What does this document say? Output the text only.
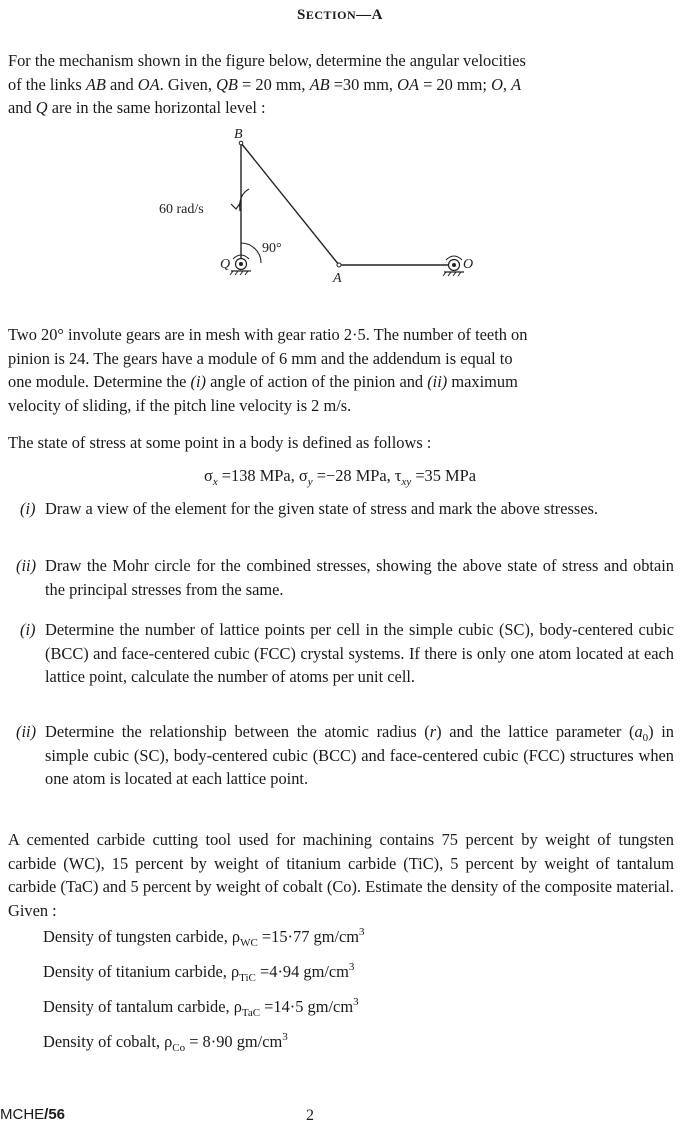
SECTION—A

For the mechanism shown in the figure below, determine the angular velocities
of the links AB and OA. Given, QB = 20 mm, AB =30 mm, OA = 20 mm; O, A
and Q are in the same horizontal level :

B
Q
A
O
60 rad/s
90°

Two 20° involute gears are in mesh with gear ratio 2·5. The number of teeth on
pinion is 24. The gears have a module of 6 mm and the addendum is equal to
one module. Determine the (i) angle of action of the pinion and (ii) maximum
velocity of sliding, if the pitch line velocity is 2 m/s.

The state of stress at some point in a body is defined as follows :

$\sigma_x =138$ MPa, $\sigma_y =-28$ MPa, $\tau_{xy} =35$ MPa
(i) Draw a view of the element for the given state of stress and mark the above stresses.

(ii) Draw the Mohr circle for the combined stresses, showing the above state of stress and obtain the principal stresses from the same.

(i) Determine the number of lattice points per cell in the simple cubic (SC), body-centered cubic (BCC) and face-centered cubic (FCC) crystal systems. If there is only one atom located at each lattice point, calculate the number of atoms per unit cell.

(ii) Determine the relationship between the atomic radius (r) and the lattice parameter $(a_0)$ in simple cubic (SC), body-centered cubic (BCC) and face-centered cubic (FCC) structures when one atom is located at each lattice point.

A cemented carbide cutting tool used for machining contains 75 percent by weight of tungsten carbide (WC), 15 percent by weight of titanium carbide (TiC), 5 percent by weight of tantalum carbide (TaC) and 5 percent by weight of cobalt (Co). Estimate the density of the composite material. Given :

Density of tungsten carbide, $\rho_{WC} =15\cdot 77$ $gm/cm^3$
Density of titanium carbide, $\rho_{TiC} =4\cdot 94$ $gm/cm^3$
Density of tantalum carbide, $\rho_{TaC} =14\cdot 5$ $gm/cm^3$
Density of cobalt, $\rho_{Co} = 8\cdot 90$ $gm/cm^3$
MCHE/56	2
